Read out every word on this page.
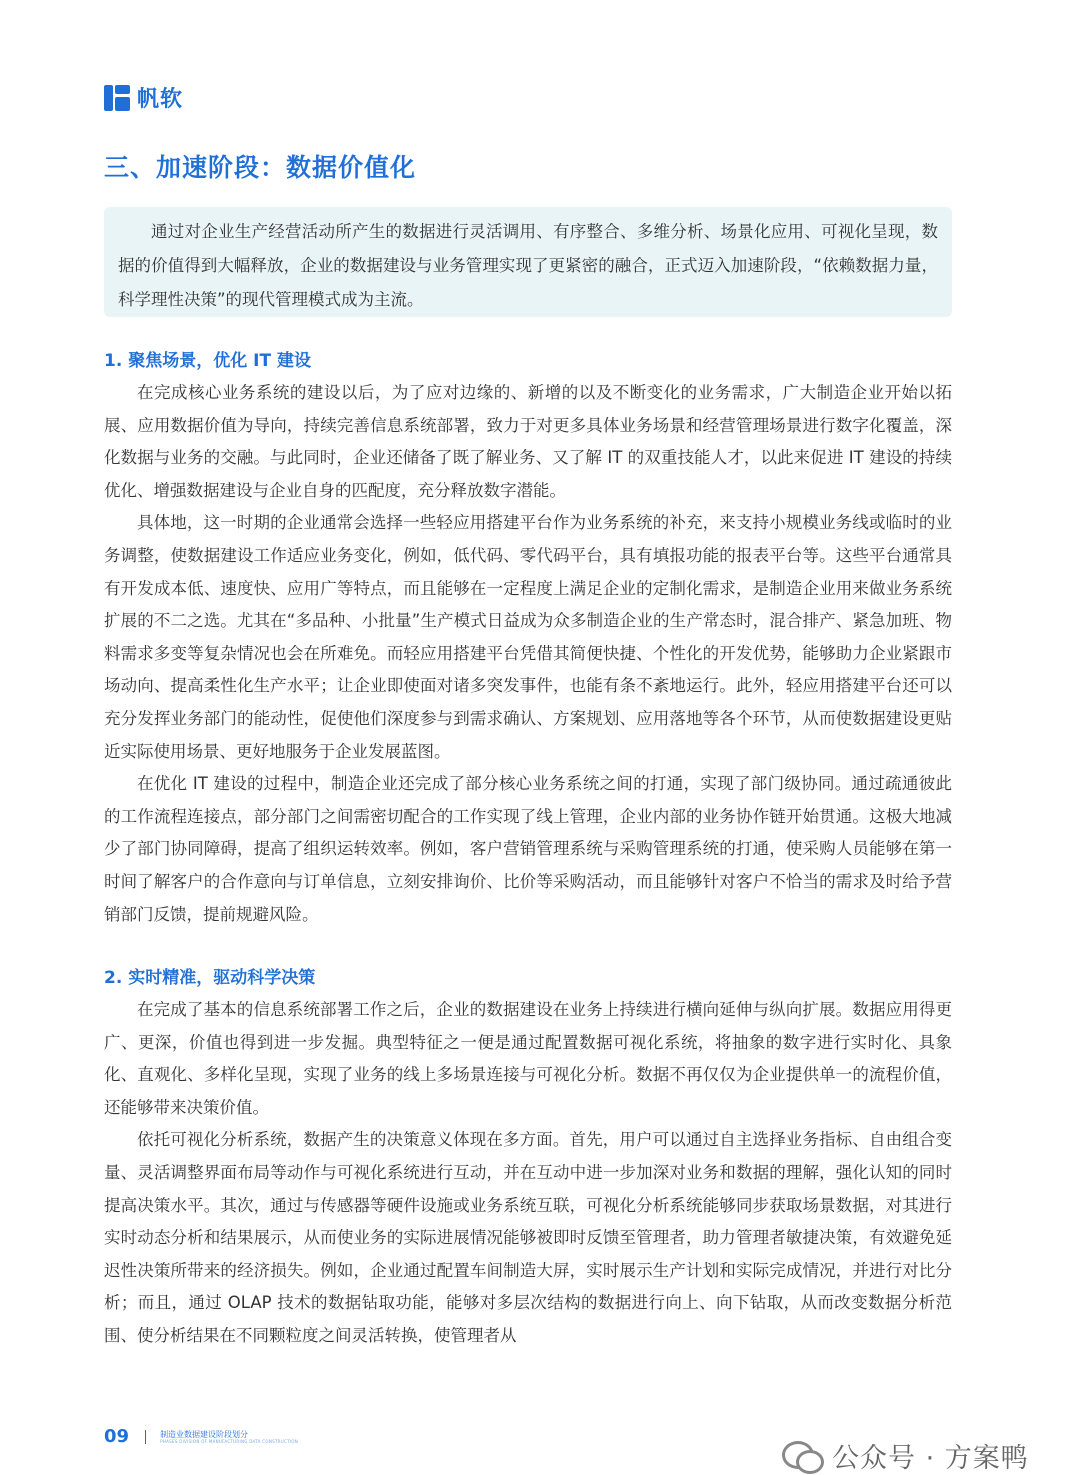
帆软
三、加速阶段：数据价值化

通过对企业生产经营活动所产生的数据进行灵活调用、有序整合、多维分析、场景化应用、可视化呈现，数据的价值得到大幅释放，企业的数据建设与业务管理实现了更紧密的融合，正式迈入加速阶段，“依赖数据力量，科学理性决策”的现代管理模式成为主流。

1. 聚焦场景，优化 IT 建设

在完成核心业务系统的建设以后，为了应对边缘的、新增的以及不断变化的业务需求，广大制造企业开始以拓展、应用数据价值为导向，持续完善信息系统部署，致力于对更多具体业务场景和经营管理场景进行数字化覆盖，深化数据与业务的交融。与此同时，企业还储备了既了解业务、又了解 IT 的双重技能人才，以此来促进 IT 建设的持续优化、增强数据建设与企业自身的匹配度，充分释放数字潜能。

具体地，这一时期的企业通常会选择一些轻应用搭建平台作为业务系统的补充，来支持小规模业务线或临时的业务调整，使数据建设工作适应业务变化，例如，低代码、零代码平台，具有填报功能的报表平台等。这些平台通常具有开发成本低、速度快、应用广等特点，而且能够在一定程度上满足企业的定制化需求，是制造企业用来做业务系统扩展的不二之选。尤其在“多品种、小批量”生产模式日益成为众多制造企业的生产常态时，混合排产、紧急加班、物料需求多变等复杂情况也会在所难免。而轻应用搭建平台凭借其简便快捷、个性化的开发优势，能够助力企业紧跟市场动向、提高柔性化生产水平；让企业即使面对诸多突发事件，也能有条不紊地运行。此外，轻应用搭建平台还可以充分发挥业务部门的能动性，促使他们深度参与到需求确认、方案规划、应用落地等各个环节，从而使数据建设更贴近实际使用场景、更好地服务于企业发展蓝图。

在优化 IT 建设的过程中，制造企业还完成了部分核心业务系统之间的打通，实现了部门级协同。通过疏通彼此的工作流程连接点，部分部门之间需密切配合的工作实现了线上管理，企业内部的业务协作链开始贯通。这极大地减少了部门协同障碍，提高了组织运转效率。例如，客户营销管理系统与采购管理系统的打通，使采购人员能够在第一时间了解客户的合作意向与订单信息，立刻安排询价、比价等采购活动，而且能够针对客户不恰当的需求及时给予营销部门反馈，提前规避风险。

2. 实时精准，驱动科学决策

在完成了基本的信息系统部署工作之后，企业的数据建设在业务上持续进行横向延伸与纵向扩展。数据应用得更广、更深，价值也得到进一步发掘。典型特征之一便是通过配置数据可视化系统，将抽象的数字进行实时化、具象化、直观化、多样化呈现，实现了业务的线上多场景连接与可视化分析。数据不再仅仅为企业提供单一的流程价值，还能够带来决策价值。

依托可视化分析系统，数据产生的决策意义体现在多方面。首先，用户可以通过自主选择业务指标、自由组合变量、灵活调整界面布局等动作与可视化系统进行互动，并在互动中进一步加深对业务和数据的理解，强化认知的同时提高决策水平。其次，通过与传感器等硬件设施或业务系统互联，可视化分析系统能够同步获取场景数据，对其进行实时动态分析和结果展示，从而使业务的实际进展情况能够被即时反馈至管理者，助力管理者敏捷决策，有效避免延迟性决策所带来的经济损失。例如，企业通过配置车间制造大屏，实时展示生产计划和实际完成情况，并进行对比分析；而且，通过 OLAP 技术的数据钻取功能，能够对多层次结构的数据进行向上、向下钻取，从而改变数据分析范围、使分析结果在不同颗粒度之间灵活转换，使管理者从

09	制造业数据建设阶段划分
PHASES DIVISION OF MANUFACTURING DATA CONSTRUCTION
公众号 · 方案鸭
